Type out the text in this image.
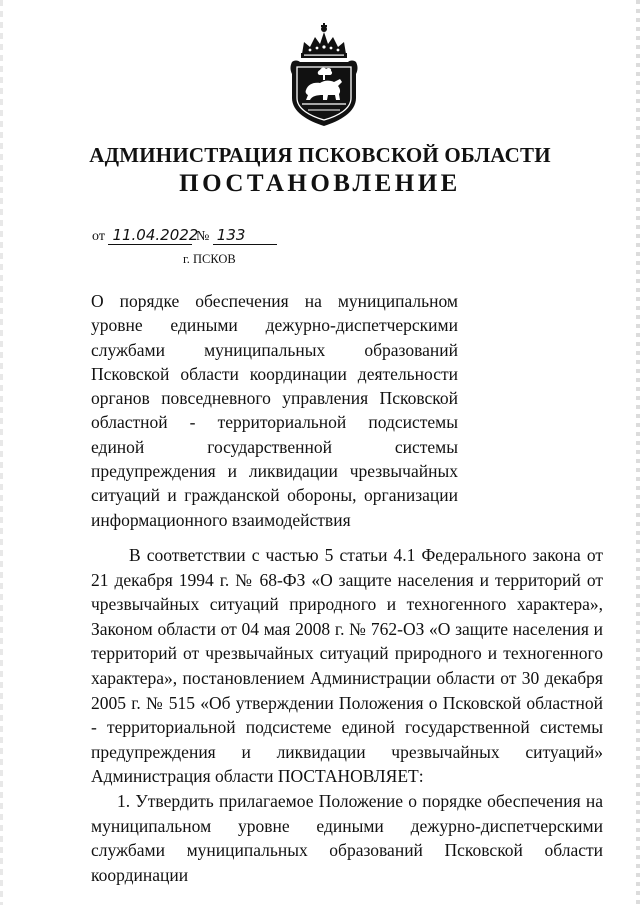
АДМИНИСТРАЦИЯ ПСКОВСКОЙ ОБЛАСТИ
ПОСТАНОВЛЕНИЕ
от 11.04.2022 № 133
г. ПСКОВ
О порядке обеспечения на муниципальном уровне едиными дежурно-диспетчерскими службами муниципальных образований Псковской области координации деятельности органов повседневного управления Псковской областной - территориальной подсистемы единой государственной системы предупреждения и ликвидации чрезвычайных ситуаций и гражданской обороны, организации информационного взаимодействия

В соответствии с частью 5 статьи 4.1 Федерального закона от 21 декабря 1994 г. № 68-ФЗ «О защите населения и территорий от чрезвычайных ситуаций природного и техногенного характера», Законом области от 04 мая 2008 г. № 762-ОЗ «О защите населения и территорий от чрезвычайных ситуаций природного и техногенного характера», постановлением Администрации области от 30 декабря 2005 г. № 515 «Об утверждении Положения о Псковской областной - территориальной подсистеме единой государственной системы предупреждения и ликвидации чрезвычайных ситуаций» Администрация области ПОСТАНОВЛЯЕТ:

1. Утвердить прилагаемое Положение о порядке обеспечения на муниципальном уровне едиными дежурно-диспетчерскими службами муниципальных образований Псковской области координации
